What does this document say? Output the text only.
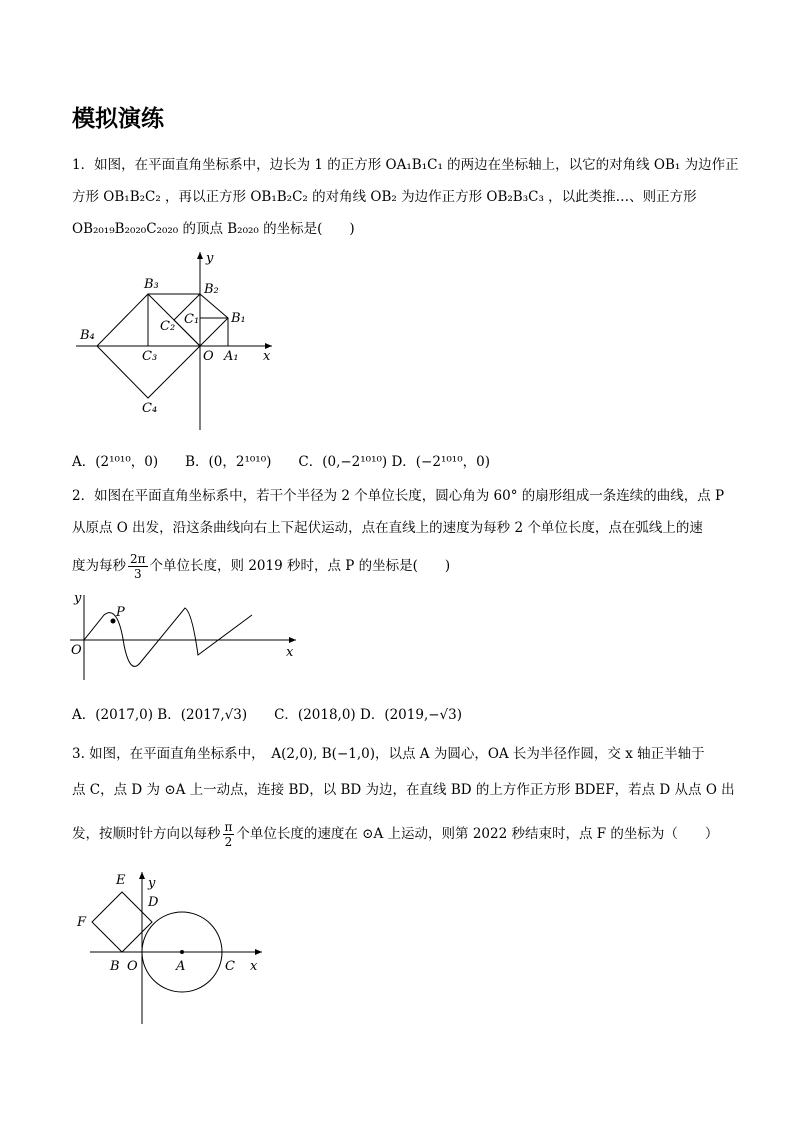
模拟演练
1．如图，在平面直角坐标系中，边长为 1 的正方形 OA₁B₁C₁ 的两边在坐标轴上，以它的对角线 OB₁ 为边作正
方形 OB₁B₂C₂ ，再以正方形 OB₁B₂C₂ 的对角线 OB₂ 为边作正方形 OB₂B₃C₃ ，以此类推…、则正方形
OB₂₀₁₉B₂₀₂₀C₂₀₂₀ 的顶点 B₂₀₂₀ 的坐标是(　　)
y
B₃	B₂
C₁ B₁
C₂
B₄
C₃	O A₁ x
C₄
A．(2¹⁰¹⁰，0)　　B．(0，2¹⁰¹⁰)　　C．(0,−2¹⁰¹⁰) D．(−2¹⁰¹⁰，0)
2．如图在平面直角坐标系中，若干个半径为 2 个单位长度，圆心角为 60° 的扇形组成一条连续的曲线，点 P
从原点 O 出发，沿这条曲线向右上下起伏运动，点在直线上的速度为每秒 2 个单位长度，点在弧线上的速
度为每秒 $\frac{2\pi}{3}$ 个单位长度，则 2019 秒时，点 P 的坐标是(　　)
y
P
O	x
A．(2017,0) B．(2017,√3)　　C．(2018,0) D．(2019,−√3)
3. 如图，在平面直角坐标系中，　A(2,0), B(−1,0)，以点 A 为圆心，OA 长为半径作圆，交 x 轴正半轴于
点 C，点 D 为 ⊙A 上一动点，连接 BD，以 BD 为边，在直线 BD 的上方作正方形 BDEF，若点 D 从点 O 出
发，按顺时针方向以每秒 $\frac{\pi}{2}$ 个单位长度的速度在 ⊙A 上运动，则第 2022 秒结束时，点 F 的坐标为（　　）
E y
D
F
B O	A	C x
